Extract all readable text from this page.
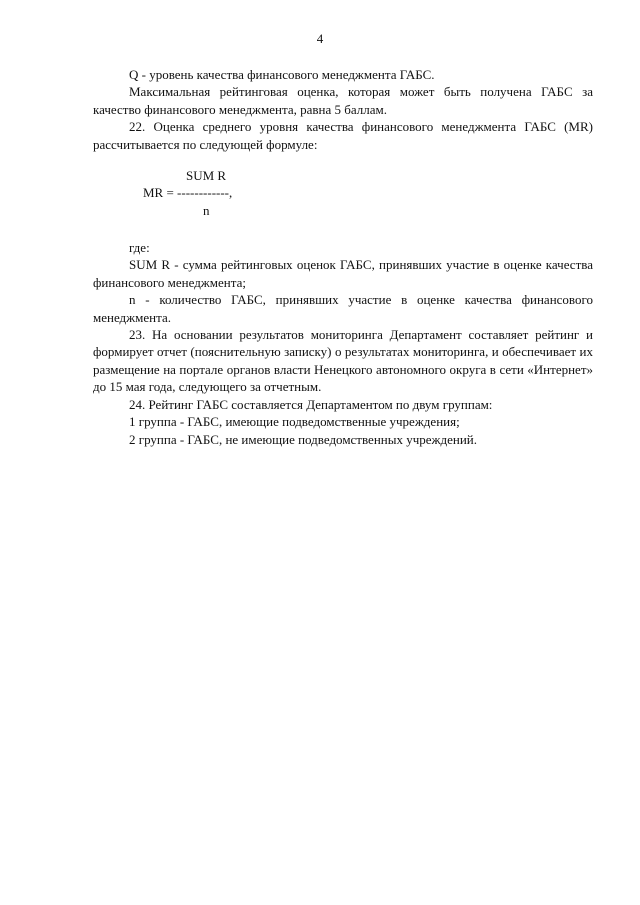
4

Q - уровень качества финансового менеджмента ГАБС.

Максимальная рейтинговая оценка, которая может быть получена ГАБС за качество финансового менеджмента, равна 5 баллам.

22. Оценка среднего уровня качества финансового менеджмента ГАБС (MR) рассчитывается по следующей формуле:

SUM R
MR = ------------,
n

где:

SUM R - сумма рейтинговых оценок ГАБС, принявших участие в оценке качества финансового менеджмента;

n - количество ГАБС, принявших участие в оценке качества финансового менеджмента.

23. На основании результатов мониторинга Департамент составляет рейтинг и формирует отчет (пояснительную записку) о результатах мониторинга, и обеспечивает их размещение на портале органов власти Ненецкого автономного округа в сети «Интернет» до 15 мая года, следующего за отчетным.

24. Рейтинг ГАБС составляется Департаментом по двум группам:

1 группа - ГАБС, имеющие подведомственные учреждения;

2 группа - ГАБС, не имеющие подведомственных учреждений.
